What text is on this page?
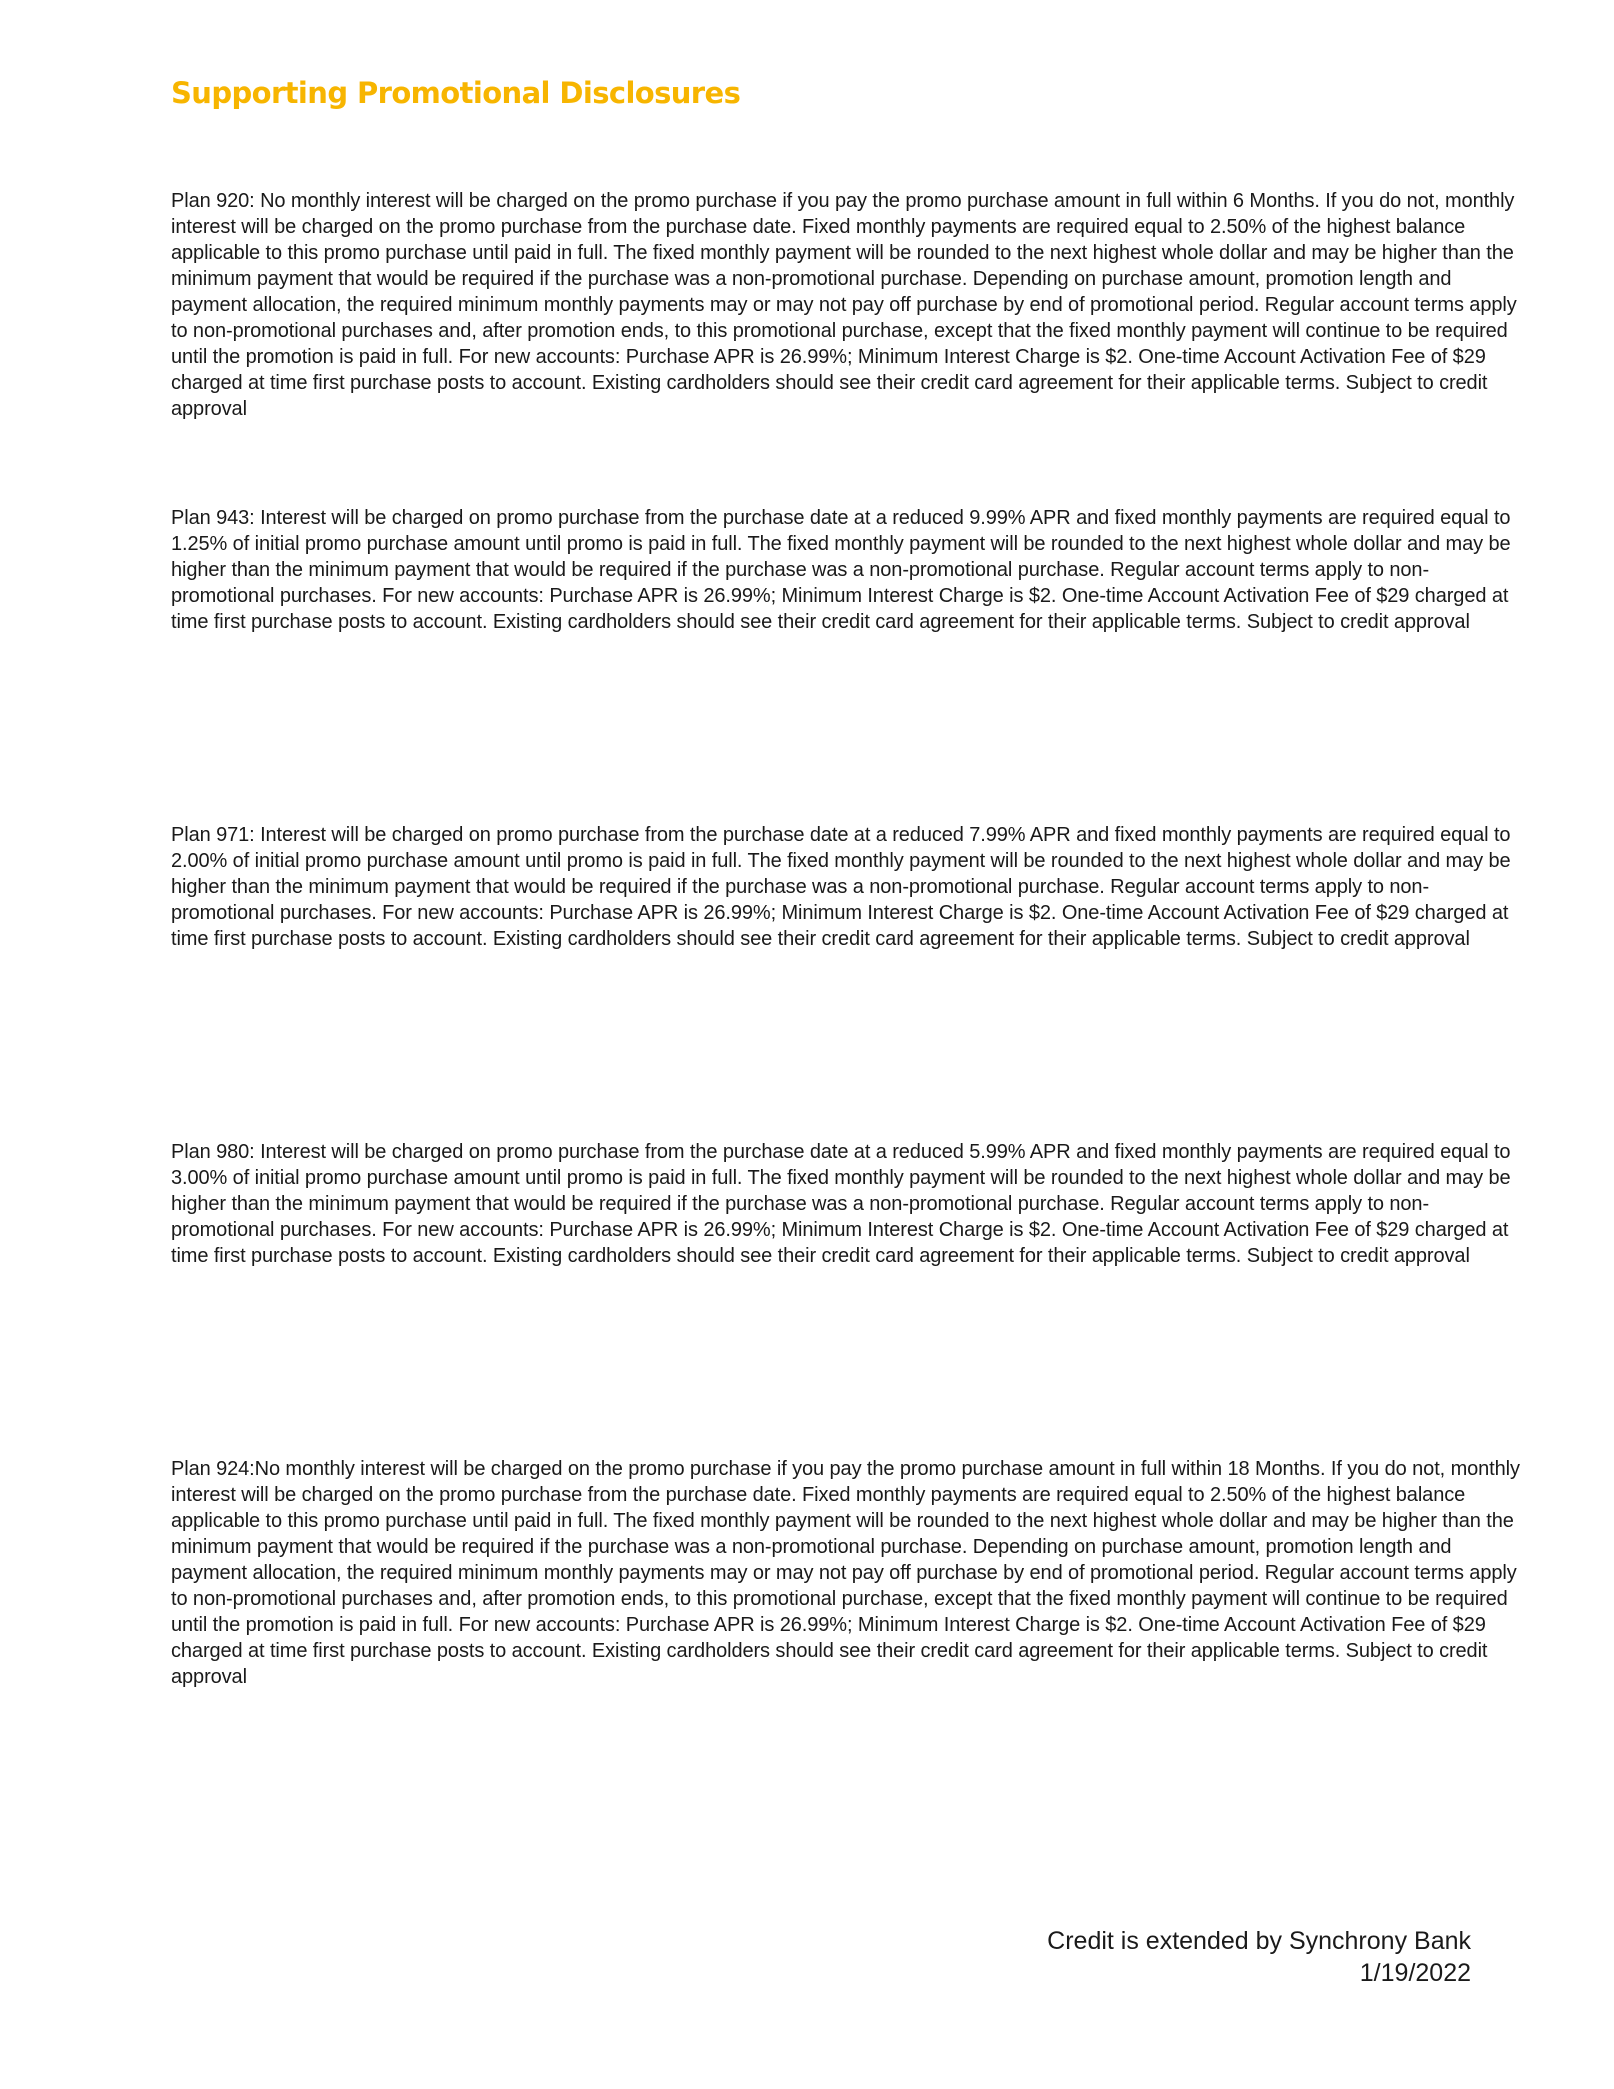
Supporting Promotional Disclosures

Plan 920: No monthly interest will be charged on the promo purchase if you pay the promo purchase amount in full within 6 Months. If you do not, monthly interest will be charged on the promo purchase from the purchase date. Fixed monthly payments are required equal to 2.50% of the highest balance applicable to this promo purchase until paid in full. The fixed monthly payment will be rounded to the next highest whole dollar and may be higher than the minimum payment that would be required if the purchase was a non-promotional purchase. Depending on purchase amount, promotion length and payment allocation, the required minimum monthly payments may or may not pay off purchase by end of promotional period. Regular account terms apply to non-promotional purchases and, after promotion ends, to this promotional purchase, except that the fixed monthly payment will continue to be required until the promotion is paid in full. For new accounts: Purchase APR is 26.99%; Minimum Interest Charge is $2. One-time Account Activation Fee of $29 charged at time first purchase posts to account. Existing cardholders should see their credit card agreement for their applicable terms. Subject to credit approval

Plan 943: Interest will be charged on promo purchase from the purchase date at a reduced 9.99% APR and fixed monthly payments are required equal to 1.25% of initial promo purchase amount until promo is paid in full. The fixed monthly payment will be rounded to the next highest whole dollar and may be higher than the minimum payment that would be required if the purchase was a non-promotional purchase. Regular account terms apply to non-promotional purchases. For new accounts: Purchase APR is 26.99%; Minimum Interest Charge is $2. One-time Account Activation Fee of $29 charged at time first purchase posts to account. Existing cardholders should see their credit card agreement for their applicable terms. Subject to credit approval

Plan 971: Interest will be charged on promo purchase from the purchase date at a reduced 7.99% APR and fixed monthly payments are required equal to 2.00% of initial promo purchase amount until promo is paid in full. The fixed monthly payment will be rounded to the next highest whole dollar and may be higher than the minimum payment that would be required if the purchase was a non-promotional purchase. Regular account terms apply to non-promotional purchases. For new accounts: Purchase APR is 26.99%; Minimum Interest Charge is $2. One-time Account Activation Fee of $29 charged at time first purchase posts to account. Existing cardholders should see their credit card agreement for their applicable terms. Subject to credit approval

Plan 980: Interest will be charged on promo purchase from the purchase date at a reduced 5.99% APR and fixed monthly payments are required equal to 3.00% of initial promo purchase amount until promo is paid in full. The fixed monthly payment will be rounded to the next highest whole dollar and may be higher than the minimum payment that would be required if the purchase was a non-promotional purchase. Regular account terms apply to non-promotional purchases. For new accounts: Purchase APR is 26.99%; Minimum Interest Charge is $2. One-time Account Activation Fee of $29 charged at time first purchase posts to account. Existing cardholders should see their credit card agreement for their applicable terms. Subject to credit approval

Plan 924:No monthly interest will be charged on the promo purchase if you pay the promo purchase amount in full within 18 Months. If you do not, monthly interest will be charged on the promo purchase from the purchase date. Fixed monthly payments are required equal to 2.50% of the highest balance applicable to this promo purchase until paid in full. The fixed monthly payment will be rounded to the next highest whole dollar and may be higher than the minimum payment that would be required if the purchase was a non-promotional purchase. Depending on purchase amount, promotion length and payment allocation, the required minimum monthly payments may or may not pay off purchase by end of promotional period. Regular account terms apply to non-promotional purchases and, after promotion ends, to this promotional purchase, except that the fixed monthly payment will continue to be required until the promotion is paid in full. For new accounts: Purchase APR is 26.99%; Minimum Interest Charge is $2. One-time Account Activation Fee of $29 charged at time first purchase posts to account. Existing cardholders should see their credit card agreement for their applicable terms. Subject to credit approval

Credit is extended by Synchrony Bank
1/19/2022
